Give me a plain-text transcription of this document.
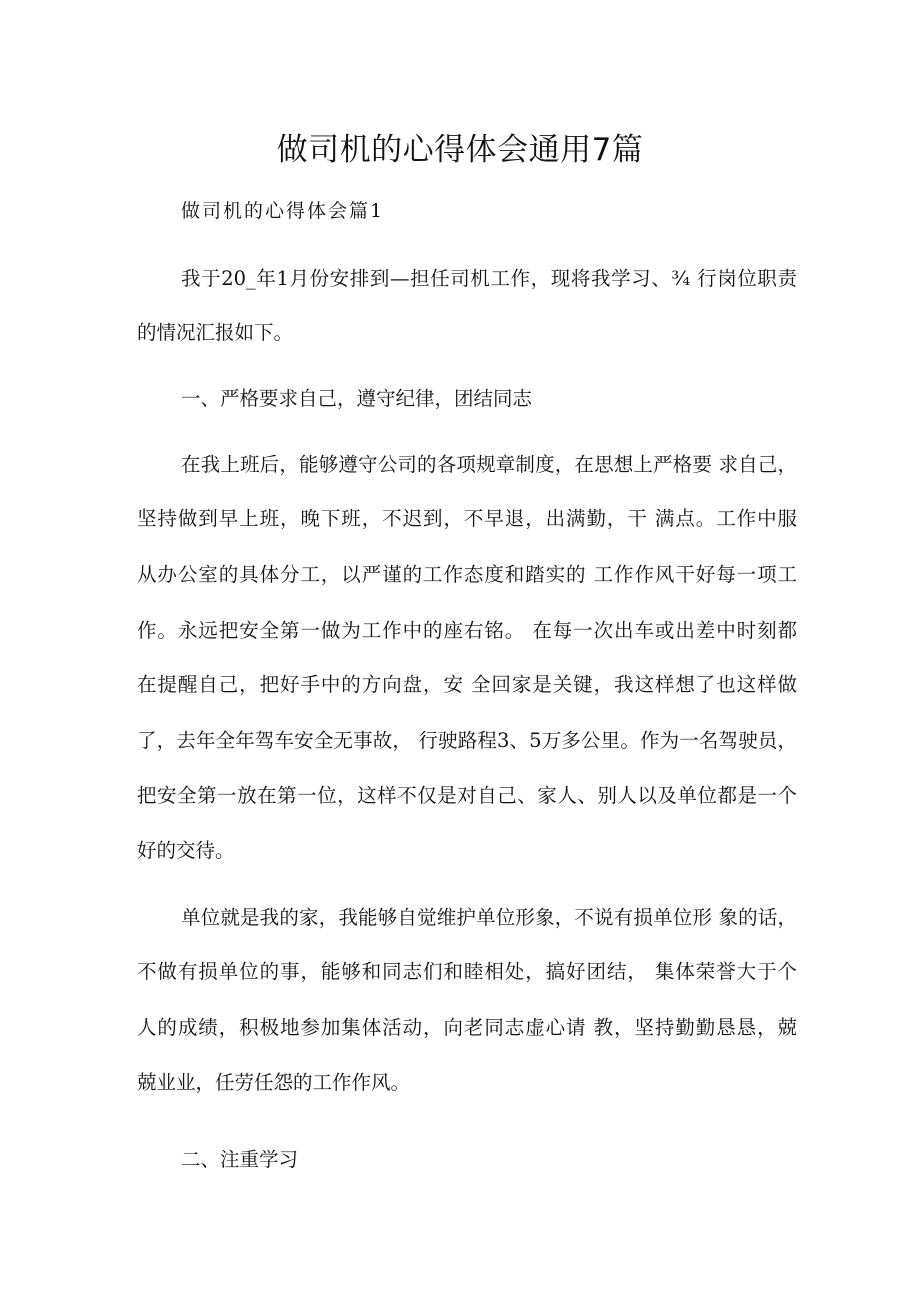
做司机的心得体会通用7篇
做司机的心得体会篇1
我于20_年1月份安排到—担任司机工作，现将我学习、¾ 行岗位职责
的情况汇报如下。
一、严格要求自己，遵守纪律，团结同志
在我上班后，能够遵守公司的各项规章制度，在思想上严格要 求自己，
坚持做到早上班，晚下班，不迟到，不早退，出满勤，干 满点。工作中服
从办公室的具体分工，以严谨的工作态度和踏实的 工作作风干好每一项工
作。永远把安全第一做为工作中的座右铭。 在每一次出车或出差中时刻都
在提醒自己，把好手中的方向盘，安 全回家是关键，我这样想了也这样做
了，去年全年驾车安全无事故， 行驶路程3、5万多公里。作为一名驾驶员，
把安全第一放在第一位，这样不仅是对自己、家人、别人以及单位都是一个
好的交待。
单位就是我的家，我能够自觉维护单位形象，不说有损单位形 象的话，
不做有损单位的事，能够和同志们和睦相处，搞好团结， 集体荣誉大于个
人的成绩，积极地参加集体活动，向老同志虚心请 教，坚持勤勤恳恳，兢
兢业业，任劳任怨的工作作风。
二、注重学习
